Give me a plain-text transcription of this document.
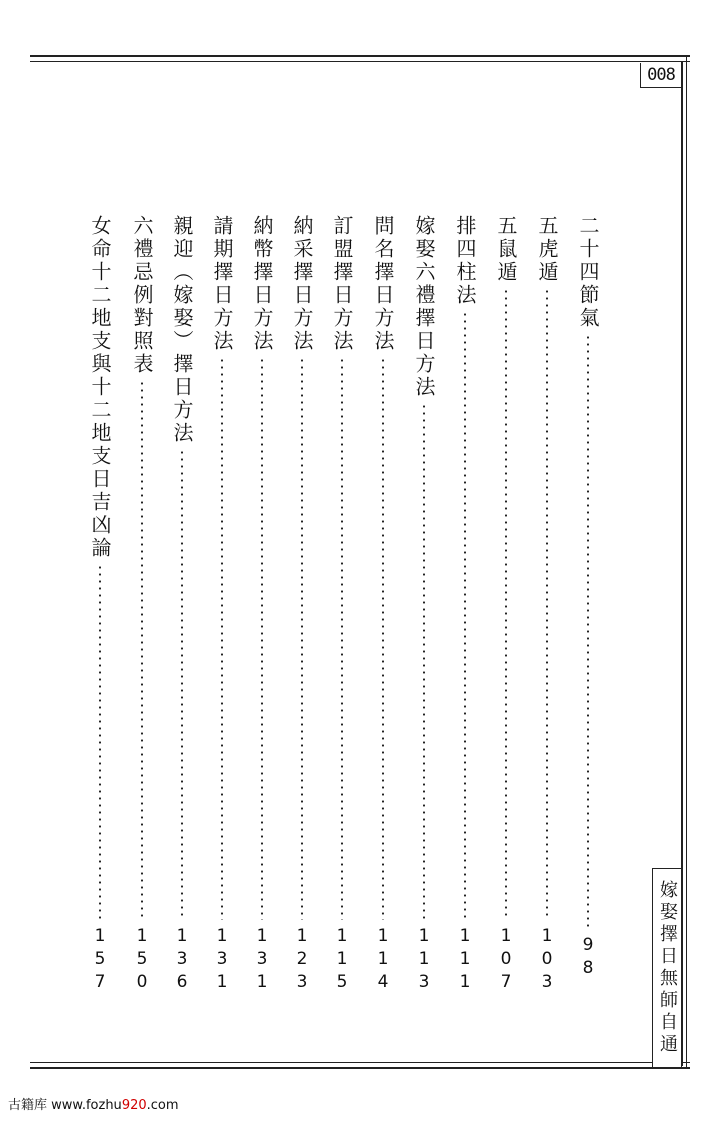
008
二十四節氣
98
五虎遁
103
五鼠遁
107
排四柱法
111
嫁娶六禮擇日方法
113
問名擇日方法
114
訂盟擇日方法
115
納采擇日方法
123
納幣擇日方法
131
請期擇日方法
131
親迎（嫁娶）擇日方法
136
六禮忌例對照表
150
女命十二地支與十二地支日吉凶論
157	嫁娶擇日無師自通
古籍库 www.fozhu920.com
